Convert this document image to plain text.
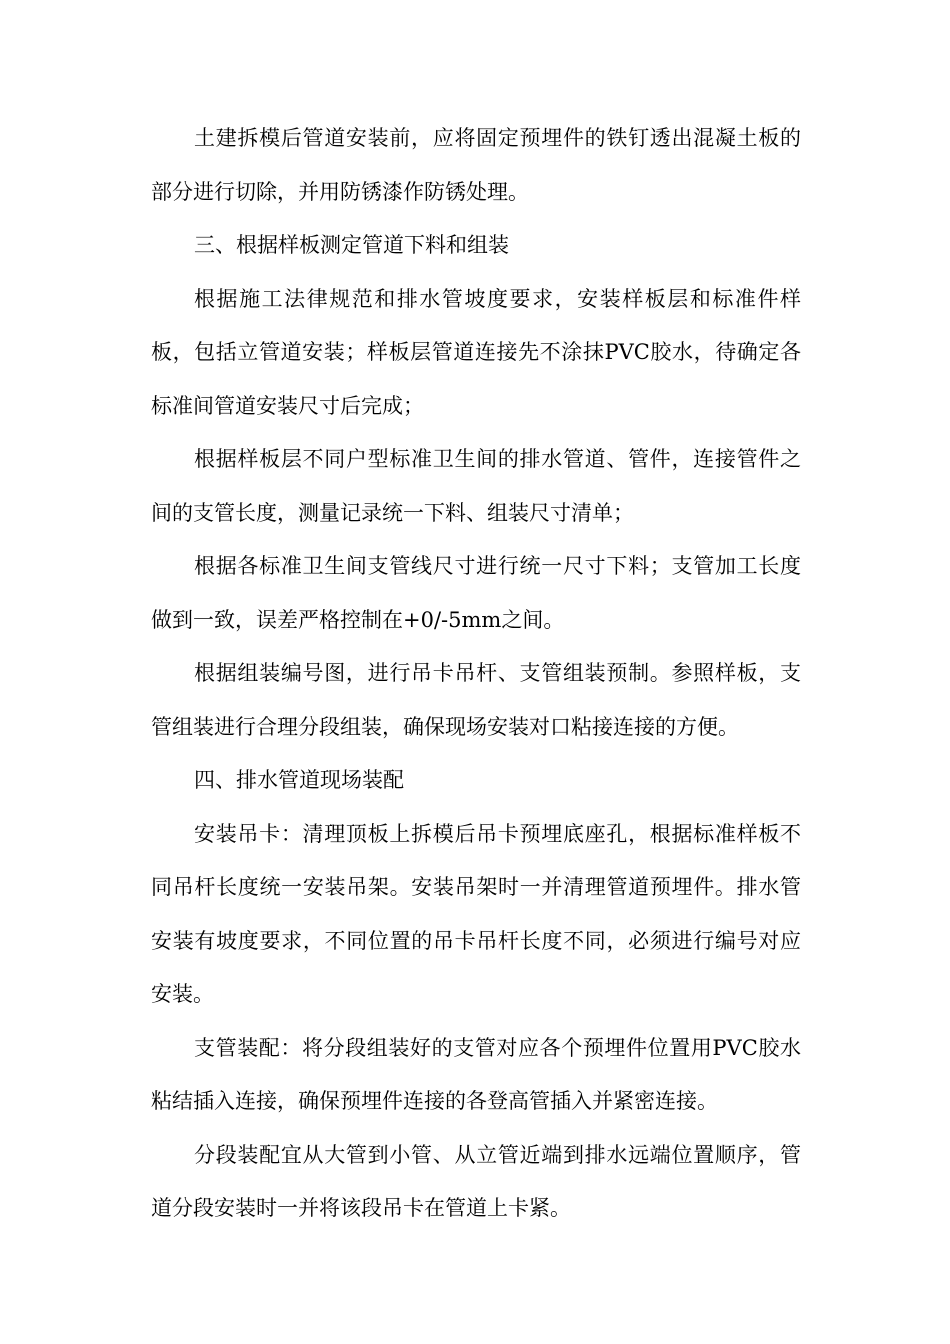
土建拆模后管道安装前，应将固定预埋件的铁钉透出混凝土板的部分进行切除，并用防锈漆作防锈处理。

三、根据样板测定管道下料和组装

根据施工法律规范和排水管坡度要求，安装样板层和标准件样板，包括立管道安装；样板层管道连接先不涂抹PVC胶水，待确定各标准间管道安装尺寸后完成；

根据样板层不同户型标准卫生间的排水管道、管件，连接管件之间的支管长度，测量记录统一下料、组装尺寸清单；

根据各标准卫生间支管线尺寸进行统一尺寸下料；支管加工长度做到一致，误差严格控制在+0/-5mm之间。

根据组装编号图，进行吊卡吊杆、支管组装预制。参照样板，支管组装进行合理分段组装，确保现场安装对口粘接连接的方便。

四、排水管道现场装配

安装吊卡：清理顶板上拆模后吊卡预埋底座孔，根据标准样板不同吊杆长度统一安装吊架。安装吊架时一并清理管道预埋件。排水管安装有坡度要求，不同位置的吊卡吊杆长度不同，必须进行编号对应安装。

支管装配：将分段组装好的支管对应各个预埋件位置用PVC胶水粘结插入连接，确保预埋件连接的各登高管插入并紧密连接。

分段装配宜从大管到小管、从立管近端到排水远端位置顺序，管道分段安装时一并将该段吊卡在管道上卡紧。
